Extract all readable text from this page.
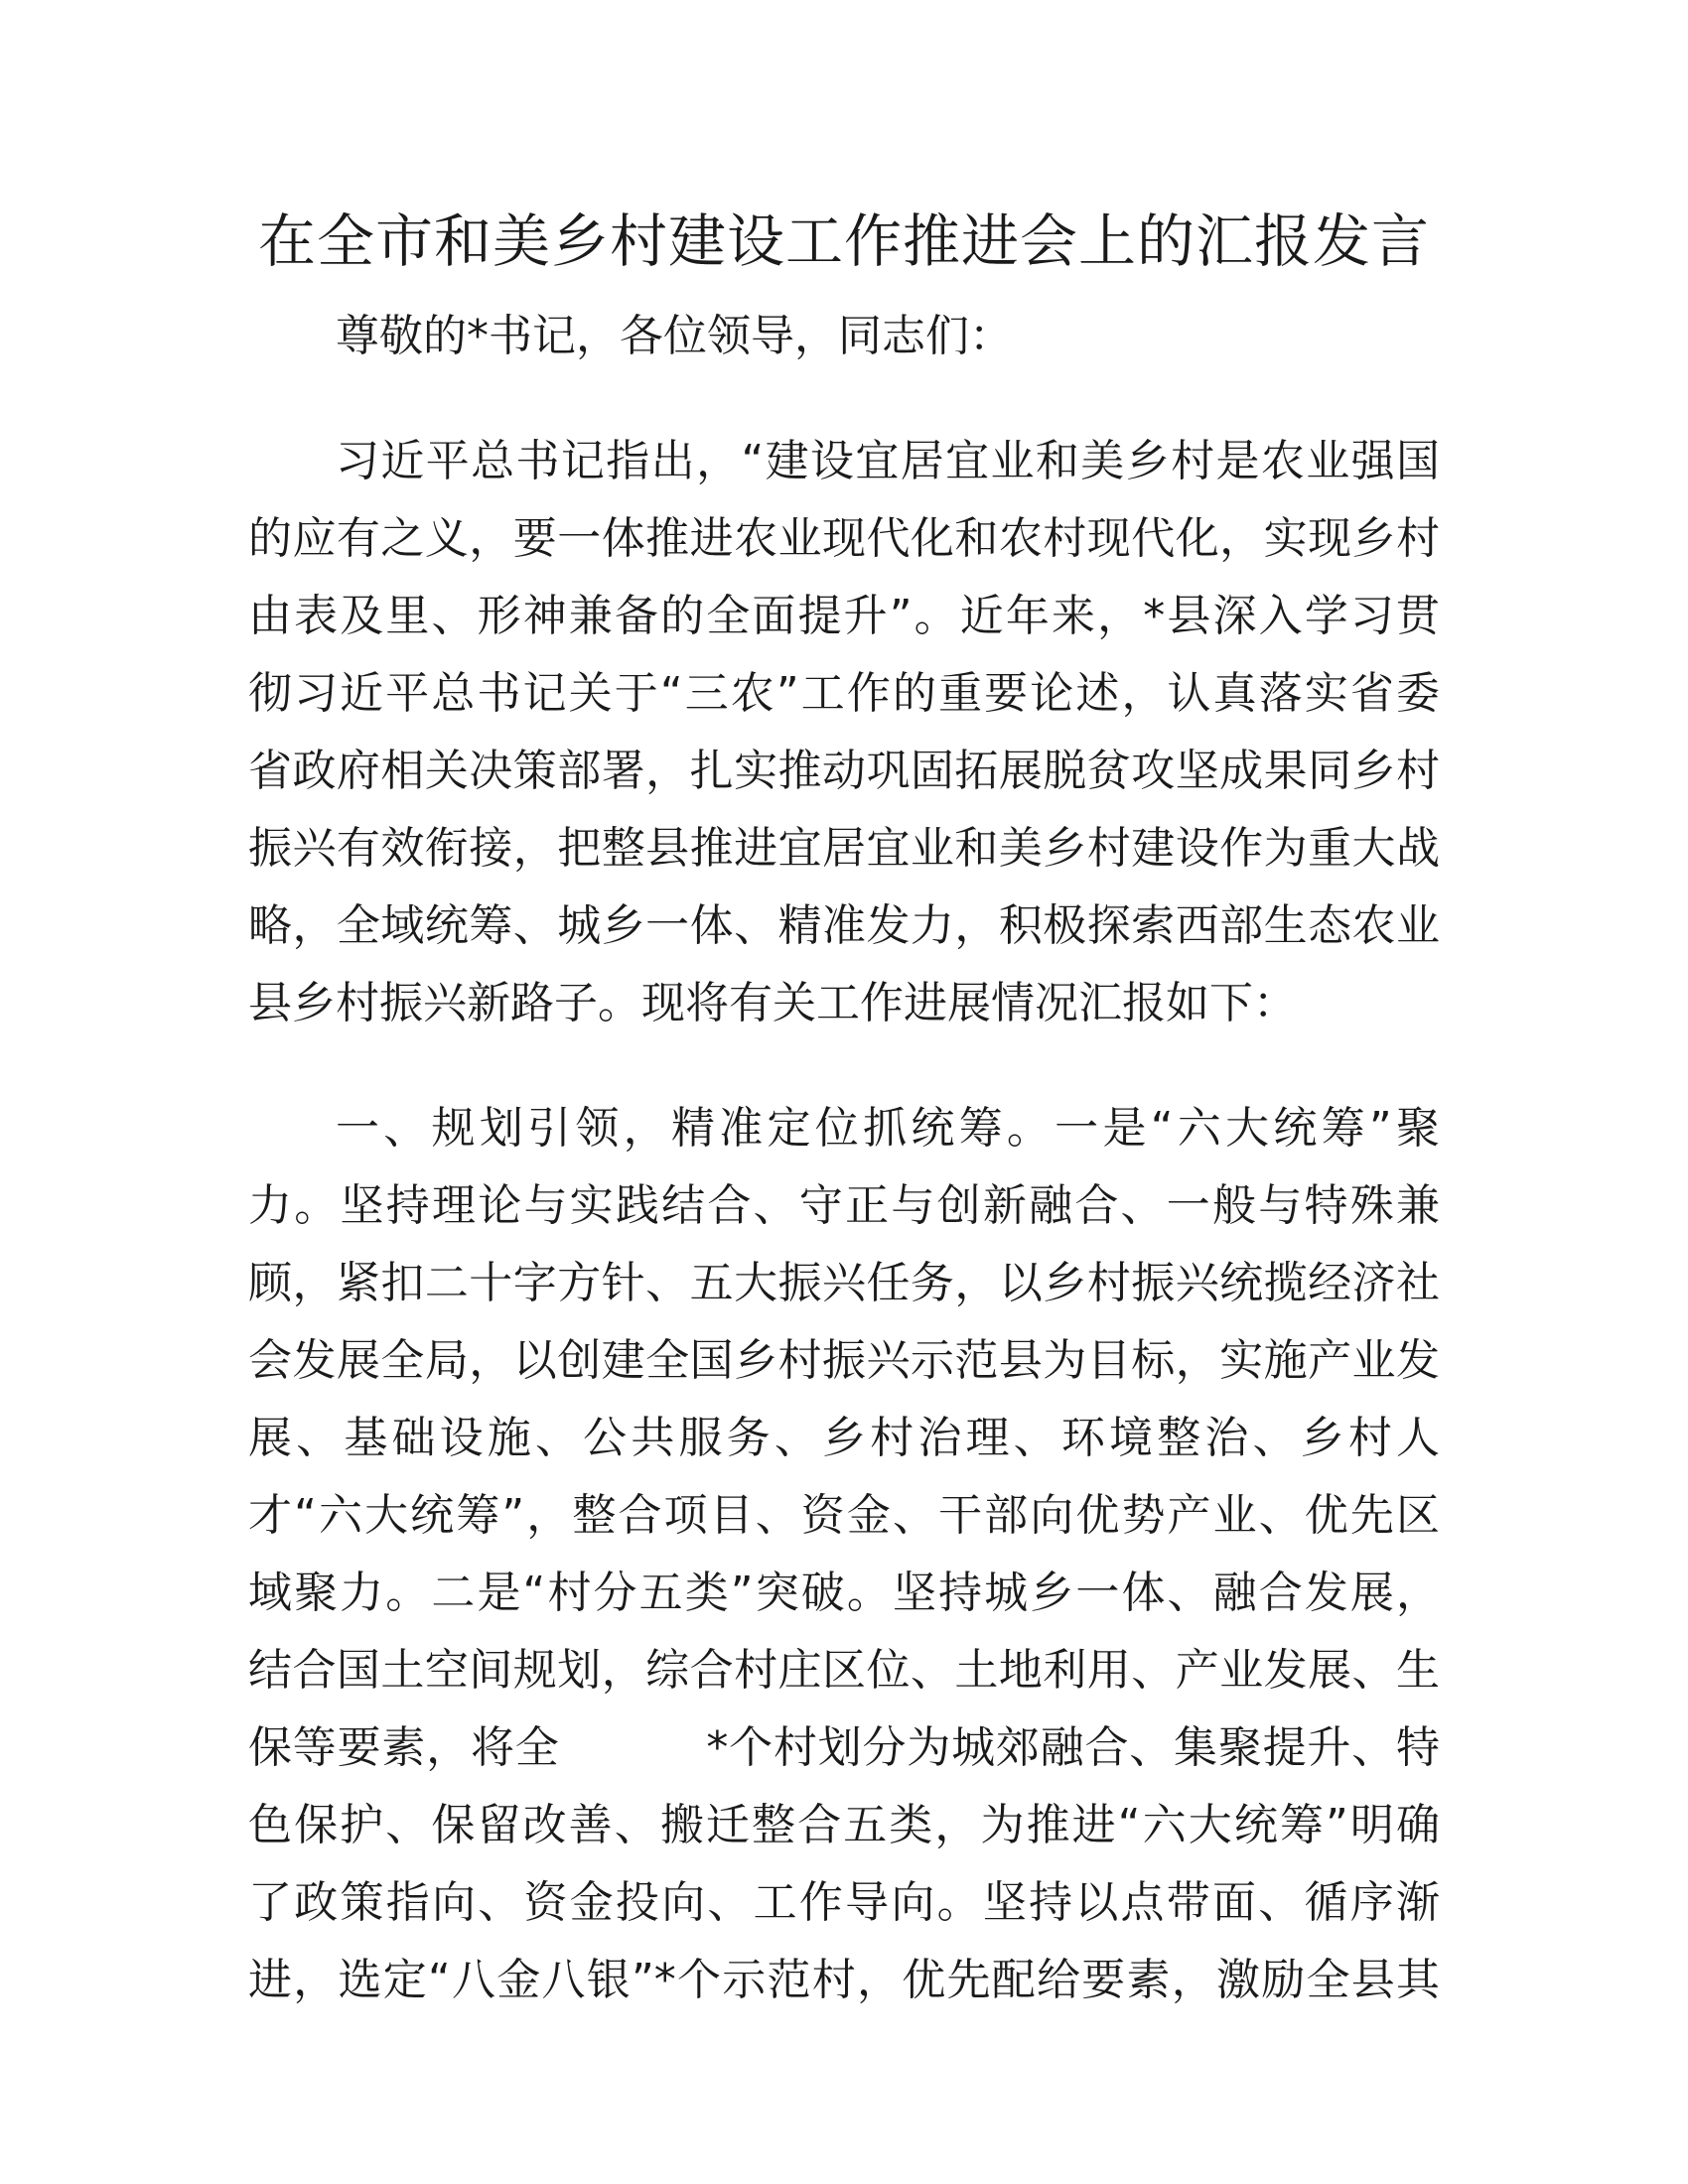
在全市和美乡村建设工作推进会上的汇报发言
尊敬的*书记，各位领导，同志们：
习近平总书记指出，“建设宜居宜业和美乡村是农业强国
的应有之义，要一体推进农业现代化和农村现代化，实现乡村
由表及里、形神兼备的全面提升”。近年来，*县深入学习贯
彻习近平总书记关于“三农”工作的重要论述，认真落实省委
省政府相关决策部署，扎实推动巩固拓展脱贫攻坚成果同乡村
振兴有效衔接，把整县推进宜居宜业和美乡村建设作为重大战
略，全域统筹、城乡一体、精准发力，积极探索西部生态农业
县乡村振兴新路子。现将有关工作进展情况汇报如下：
一、规划引领，精准定位抓统筹。一是“六大统筹”聚
力。坚持理论与实践结合、守正与创新融合、一般与特殊兼
顾，紧扣二十字方针、五大振兴任务，以乡村振兴统揽经济社
会发展全局，以创建全国乡村振兴示范县为目标，实施产业发
展、基础设施、公共服务、乡村治理、环境整治、乡村人
才“六大统筹”，整合项目、资金、干部向优势产业、优先区
域聚力。二是“村分五类”突破。坚持城乡一体、融合发展，
结合国土空间规划，综合村庄区位、土地利用、产业发展、生
保等要素，将全          *个村划分为城郊融合、集聚提升、特
色保护、保留改善、搬迁整合五类，为推进“六大统筹”明确
了政策指向、资金投向、工作导向。坚持以点带面、循序渐
进，选定“八金八银”*个示范村，优先配给要素，激励全县其
